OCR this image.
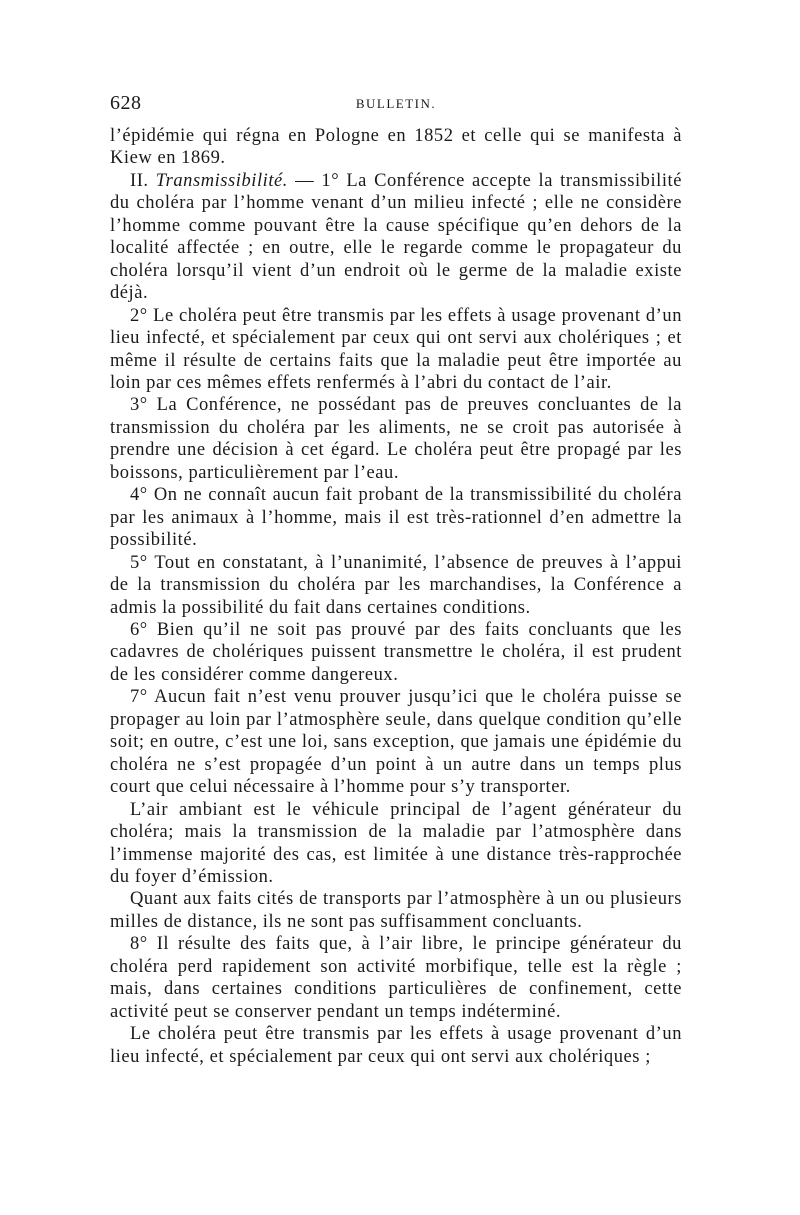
628	BULLETIN.

l’épidémie qui régna en Pologne en 1852 et celle qui se manifesta à Kiew en 1869.

II. Transmissibilité. — 1° La Conférence accepte la transmissibilité du choléra par l’homme venant d’un milieu infecté ; elle ne considère l’homme comme pouvant être la cause spécifique qu’en dehors de la localité affectée ; en outre, elle le regarde comme le propagateur du choléra lorsqu’il vient d’un endroit où le germe de la maladie existe déjà.

2° Le choléra peut être transmis par les effets à usage provenant d’un lieu infecté, et spécialement par ceux qui ont servi aux cholériques ; et même il résulte de certains faits que la maladie peut être importée au loin par ces mêmes effets renfermés à l’abri du contact de l’air.

3° La Conférence, ne possédant pas de preuves concluantes de la transmission du choléra par les aliments, ne se croit pas autorisée à prendre une décision à cet égard. Le choléra peut être propagé par les boissons, particulièrement par l’eau.

4° On ne connaît aucun fait probant de la transmissibilité du choléra par les animaux à l’homme, mais il est très-rationnel d’en admettre la possibilité.

5° Tout en constatant, à l’unanimité, l’absence de preuves à l’appui de la transmission du choléra par les marchandises, la Conférence a admis la possibilité du fait dans certaines conditions.

6° Bien qu’il ne soit pas prouvé par des faits concluants que les cadavres de cholériques puissent transmettre le choléra, il est prudent de les considérer comme dangereux.

7° Aucun fait n’est venu prouver jusqu’ici que le choléra puisse se propager au loin par l’atmosphère seule, dans quelque condition qu’elle soit; en outre, c’est une loi, sans exception, que jamais une épidémie du choléra ne s’est propagée d’un point à un autre dans un temps plus court que celui nécessaire à l’homme pour s’y transporter.

L’air ambiant est le véhicule principal de l’agent générateur du choléra; mais la transmission de la maladie par l’atmosphère dans l’immense majorité des cas, est limitée à une distance très-rapprochée du foyer d’émission.

Quant aux faits cités de transports par l’atmosphère à un ou plusieurs milles de distance, ils ne sont pas suffisamment concluants.

8° Il résulte des faits que, à l’air libre, le principe générateur du choléra perd rapidement son activité morbifique, telle est la règle ; mais, dans certaines conditions particulières de confinement, cette activité peut se conserver pendant un temps indéterminé.

Le choléra peut être transmis par les effets à usage provenant d’un lieu infecté, et spécialement par ceux qui ont servi aux cholériques ;
